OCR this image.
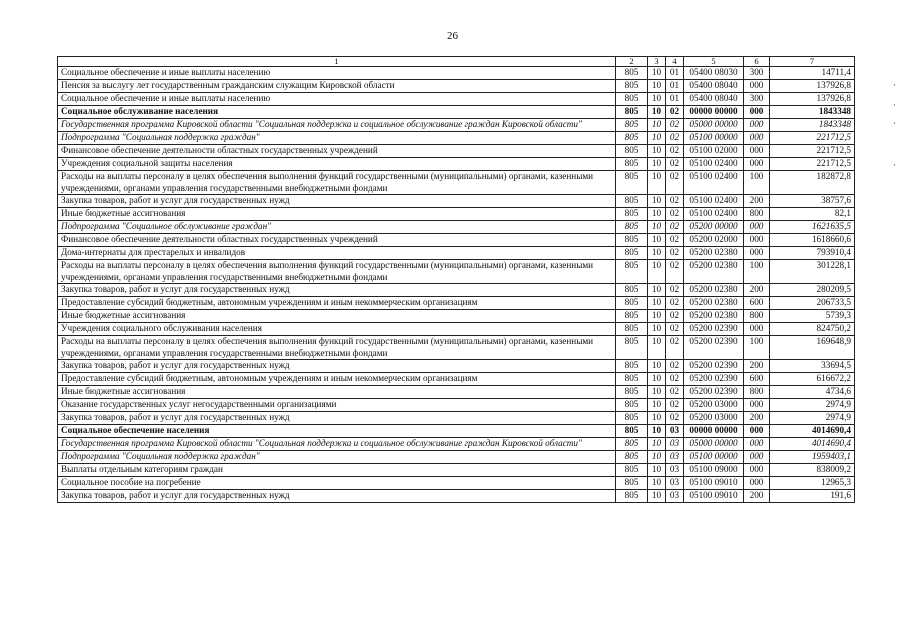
26
1	2	3	4	5	6	7
Социальное обеспечение и иные выплаты населению	805	10	01	05400 08030	300	14711,4
Пенсия за выслугу лет государственным гражданским служащим Кировской области	805	10	01	05400 08040	000	137926,8
Социальное обеспечение и иные выплаты населению	805	10	01	05400 08040	300	137926,8
Социальное обслуживание населения	805	10	02	00000 00000	000	1843348
Государственная программа Кировской области "Социальная поддержка и социальное обслуживание граждан Кировской области"	805	10	02	05000 00000	000	1843348
Подпрограмма "Социальная поддержка граждан"	805	10	02	05100 00000	000	221712,5
Финансовое обеспечение деятельности областных государственных учреждений	805	10	02	05100 02000	000	221712,5
Учреждения социальной защиты населения	805	10	02	05100 02400	000	221712,5
Расходы на выплаты персоналу в целях обеспечения выполнения функций государственными (муниципальными) органами, казенными учреждениями, органами управления государственными внебюджетными фондами	805	10	02	05100 02400	100	182872,8
Закупка товаров, работ и услуг для государственных нужд	805	10	02	05100 02400	200	38757,6
Иные бюджетные ассигнования	805	10	02	05100 02400	800	82,1
Подпрограмма "Социальное обслуживание граждан"	805	10	02	05200 00000	000	1621635,5
Финансовое обеспечение деятельности областных государственных учреждений	805	10	02	05200 02000	000	1618660,6
Дома-интернаты для престарелых и инвалидов	805	10	02	05200 02380	000	793910,4
Расходы на выплаты персоналу в целях обеспечения выполнения функций государственными (муниципальными) органами, казенными учреждениями, органами управления государственными внебюджетными фондами	805	10	02	05200 02380	100	301228,1
Закупка товаров, работ и услуг для государственных нужд	805	10	02	05200 02380	200	280209,5
Предоставление субсидий бюджетным, автономным учреждениям и иным некоммерческим организациям	805	10	02	05200 02380	600	206733,5
Иные бюджетные ассигнования	805	10	02	05200 02380	800	5739,3
Учреждения социального обслуживания населения	805	10	02	05200 02390	000	824750,2
Расходы на выплаты персоналу в целях обеспечения выполнения функций государственными (муниципальными) органами, казенными учреждениями, органами управления государственными внебюджетными фондами	805	10	02	05200 02390	100	169648,9
Закупка товаров, работ и услуг для государственных нужд	805	10	02	05200 02390	200	33694,5
Предоставление субсидий бюджетным, автономным учреждениям и иным некоммерческим организациям	805	10	02	05200 02390	600	616672,2
Иные бюджетные ассигнования	805	10	02	05200 02390	800	4734,6
Оказание государственных услуг негосударственными организациями	805	10	02	05200 03000	000	2974,9
Закупка товаров, работ и услуг для государственных нужд	805	10	02	05200 03000	200	2974,9
Социальное обеспечение населения	805	10	03	00000 00000	000	4014690,4
Государственная программа Кировской области "Социальная поддержка и социальное обслуживание граждан Кировской области"	805	10	03	05000 00000	000	4014690,4
Подпрограмма "Социальная поддержка граждан"	805	10	03	05100 00000	000	1959403,1
Выплаты отдельным категориям граждан	805	10	03	05100 09000	000	838009,2
Социальное пособие на погребение	805	10	03	05100 09010	000	12965,3
Закупка товаров, работ и услуг для государственных нужд	805	10	03	05100 09010	200	191,6
·
·
·
·
